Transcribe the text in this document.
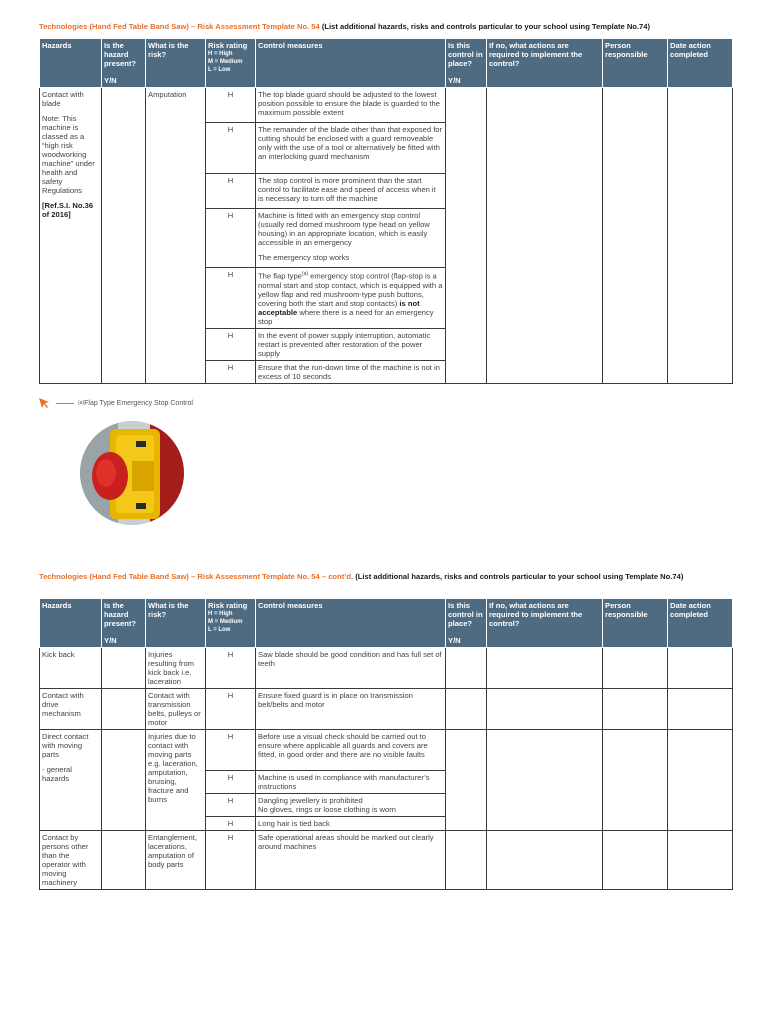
Technologies (Hand Fed Table Band Saw) – Risk Assessment Template No. 54 (List additional hazards, risks and controls particular to your school using Template No.74)
Hazards	Is the hazard present?
Y/N	What is the risk?	Risk rating
H = High
M = Medium
L = Low	Control measures	Is this control in place?
Y/N	If no, what actions are required to implement the control?	Person responsible	Date action completed

Contact with blade
Note: This machine is classed as a “high risk woodworking machine” under health and safety Regulations
[Ref.S.I. No.36 of 2016]		Amputation	H	The top blade guard should be adjusted to the lowest position possible to ensure the blade is guarded to the maximum possible extent				
			H	The remainder of the blade other than that exposed for cutting should be enclosed with a guard removeable only with the use of a tool or alternatively be fitted with an interlocking guard mechanism				
			H	The stop control is more prominent than the start control to facilitate ease and speed of access when it is necessary to turn off the machine				
			H	Machine is fitted with an emergency stop control (usually red domed mushroom type head on yellow housing) in an appropriate location, which is easily accessible in an emergency
The emergency stop works				

			H	The flap type$^{(a)}$ emergency stop control (flap-stop is a normal start and stop contact, which is equipped with a yellow flap and red mushroom-type push buttons, covering both the start and stop contacts) is not acceptable where there is a need for an emergency stop				
			H	In the event of power supply interruption, automatic restart is prevented after restoration of the power supply				
			H	Ensure that the run-down time of the machine is not in excess of 10 seconds				
(a) Flap Type Emergency Stop Control
Technologies (Hand Fed Table Band Saw) – Risk Assessment Template No. 54 – cont’d. (List additional hazards, risks and controls particular to your school using Template No.74)
Hazards	Is the hazard present?
Y/N	What is the risk?	Risk rating
H = High
M = Medium
L = Low	Control measures	Is this control in place?
Y/N	If no, what actions are required to implement the control?	Person responsible	Date action completed
Kick back		Injuries resulting from kick back i.e. laceration	H	Saw blade should be good condition and has full set of teeth				
Contact with drive mechanism		Contact with transmission belts, pulleys or motor	H	Ensure fixed guard is in place on transmission belt/belts and motor				

Direct contact with moving parts
- general hazards		Injuries due to contact with moving parts e.g. laceration, amputation, bruising, fracture and burns	H	Before use a visual check should be carried out to ensure where applicable all guards and covers are fitted, in good order and there are no visible faults				
			H	Machine is used in compliance with manufacturer’s instructions				
			H	Dangling jewellery is prohibited
No gloves, rings or loose clothing is worn				

			H	Long hair is tied back				
Contact by persons other than the operator with moving machinery		Entanglement, lacerations, amputation of body parts	H	Safe operational areas should be marked out clearly around machines				
